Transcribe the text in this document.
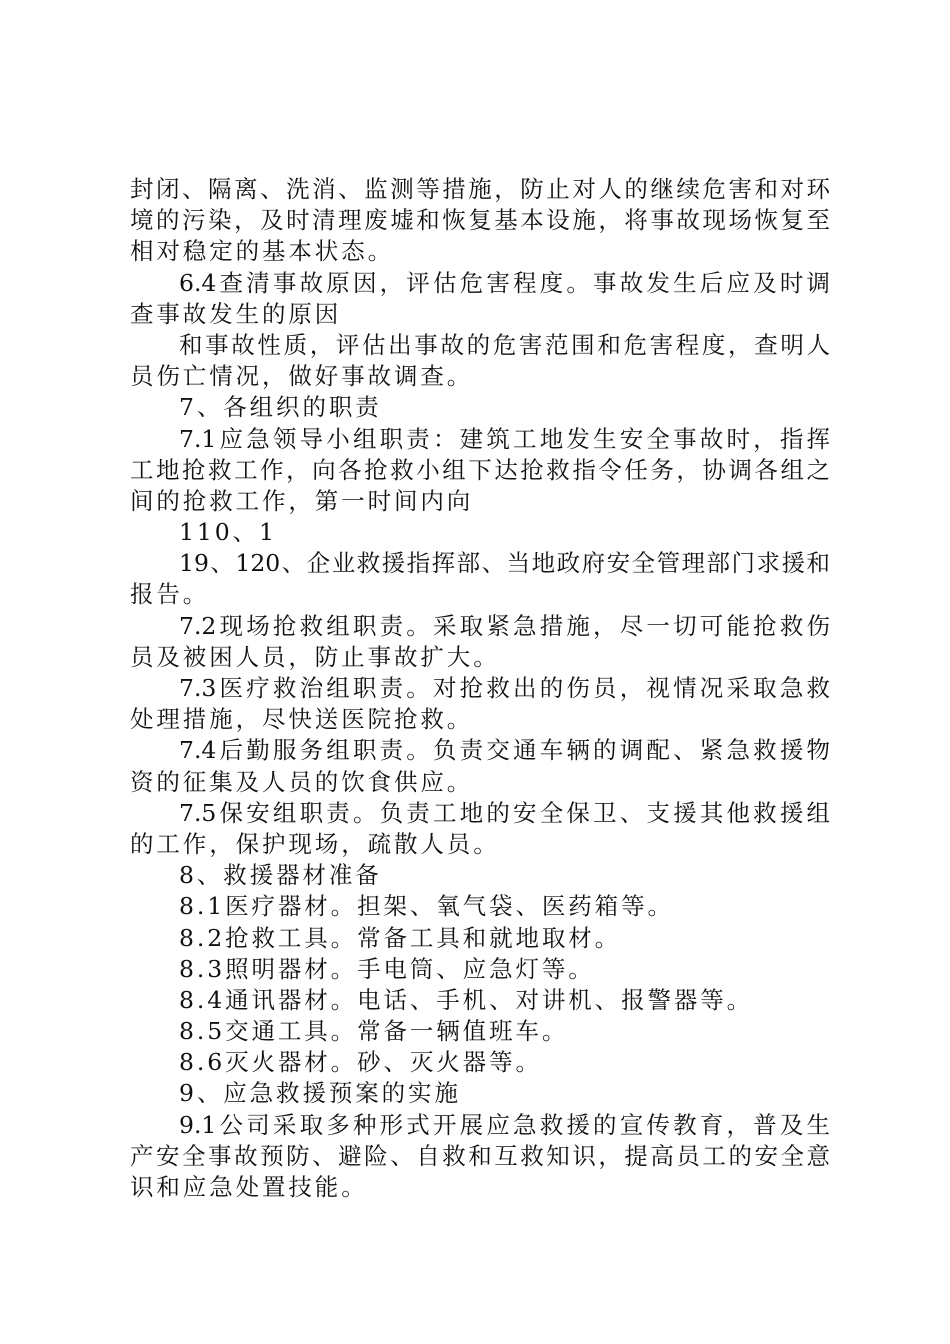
封闭、隔离、洗消、监测等措施，防止对人的继续危害和对环
境的污染，及时清理废墟和恢复基本设施，将事故现场恢复至
相对稳定的基本状态。
6.4查清事故原因，评估危害程度。事故发生后应及时调
查事故发生的原因
和事故性质，评估出事故的危害范围和危害程度，查明人
员伤亡情况，做好事故调查。
7、各组织的职责
7.1应急领导小组职责：建筑工地发生安全事故时，指挥
工地抢救工作，向各抢救小组下达抢救指令任务，协调各组之
间的抢救工作，第一时间内向
110、1
19、120、企业救援指挥部、当地政府安全管理部门求援和
报告。
7.2现场抢救组职责。采取紧急措施，尽一切可能抢救伤
员及被困人员，防止事故扩大。
7.3医疗救治组职责。对抢救出的伤员，视情况采取急救
处理措施，尽快送医院抢救。
7.4后勤服务组职责。负责交通车辆的调配、紧急救援物
资的征集及人员的饮食供应。
7.5保安组职责。负责工地的安全保卫、支援其他救援组
的工作，保护现场，疏散人员。
8、救援器材准备
8.1医疗器材。担架、氧气袋、医药箱等。
8.2抢救工具。常备工具和就地取材。
8.3照明器材。手电筒、应急灯等。
8.4通讯器材。电话、手机、对讲机、报警器等。
8.5交通工具。常备一辆值班车。
8.6灭火器材。砂、灭火器等。
9、应急救援预案的实施
9.1公司采取多种形式开展应急救援的宣传教育，普及生
产安全事故预防、避险、自救和互救知识，提高员工的安全意
识和应急处置技能。
